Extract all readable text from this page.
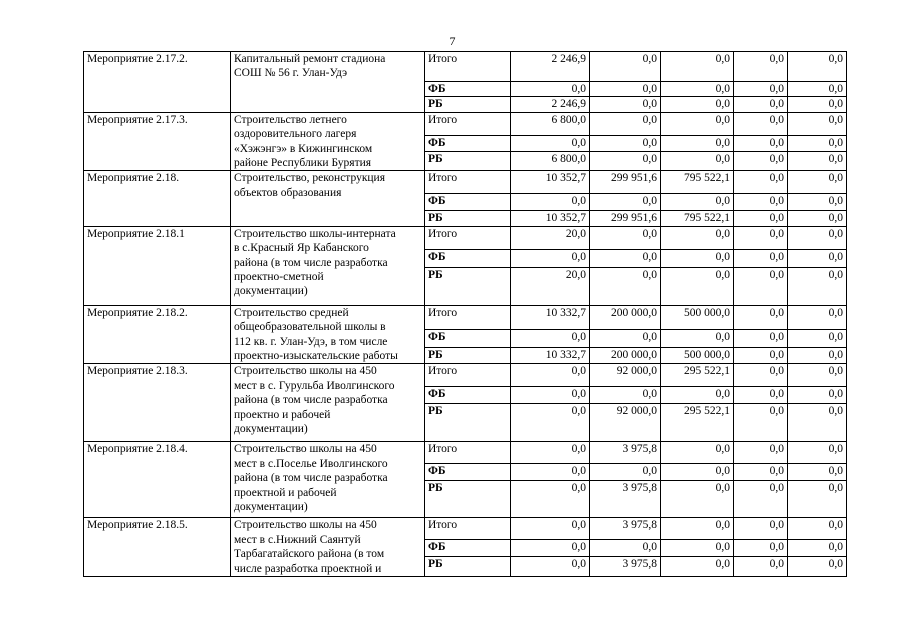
7
Мероприятие 2.17.2.	Капитальный ремонт стадиона
СОШ № 56 г. Улан-Удэ	Итого	2 246,9	0,0	0,0	0,0	0,0
		ФБ	0,0	0,0	0,0	0,0	0,0
		РБ	2 246,9	0,0	0,0	0,0	0,0
Мероприятие 2.17.3.	Строительство летнего
оздоровительного лагеря
«Хэжэнгэ» в Кижингинском
районе Республики Бурятия	Итого	6 800,0	0,0	0,0	0,0	0,0
		ФБ	0,0	0,0	0,0	0,0	0,0
		РБ	6 800,0	0,0	0,0	0,0	0,0
Мероприятие 2.18.	Строительство, реконструкция
объектов образования	Итого	10 352,7	299 951,6	795 522,1	0,0	0,0
		ФБ	0,0	0,0	0,0	0,0	0,0
		РБ	10 352,7	299 951,6	795 522,1	0,0	0,0
Мероприятие 2.18.1	Строительство школы-интерната
в с.Красный Яр Кабанского
района (в том числе разработка
проектно-сметной
документации)	Итого	20,0	0,0	0,0	0,0	0,0
		ФБ	0,0	0,0	0,0	0,0	0,0
		РБ	20,0	0,0	0,0	0,0	0,0
Мероприятие 2.18.2.	Строительство средней
общеобразовательной школы в
112 кв. г. Улан-Удэ, в том числе
проектно-изыскательские работы	Итого	10 332,7	200 000,0	500 000,0	0,0	0,0
		ФБ	0,0	0,0	0,0	0,0	0,0
		РБ	10 332,7	200 000,0	500 000,0	0,0	0,0
Мероприятие 2.18.3.	Строительство школы на 450
мест в с. Гурульба Иволгинского
района (в том числе разработка
проектно и рабочей
документации)	Итого	0,0	92 000,0	295 522,1	0,0	0,0
		ФБ	0,0	0,0	0,0	0,0	0,0
		РБ	0,0	92 000,0	295 522,1	0,0	0,0
Мероприятие 2.18.4.	Строительство школы на 450
мест в с.Поселье Иволгинского
района (в том числе разработка
проектной и рабочей
документации)	Итого	0,0	3 975,8	0,0	0,0	0,0
		ФБ	0,0	0,0	0,0	0,0	0,0
		РБ	0,0	3 975,8	0,0	0,0	0,0
Мероприятие 2.18.5.	Строительство школы на 450
мест в с.Нижний Саянтуй
Тарбагатайского района (в том
числе разработка проектной и	Итого	0,0	3 975,8	0,0	0,0	0,0
		ФБ	0,0	0,0	0,0	0,0	0,0
		РБ	0,0	3 975,8	0,0	0,0	0,0
